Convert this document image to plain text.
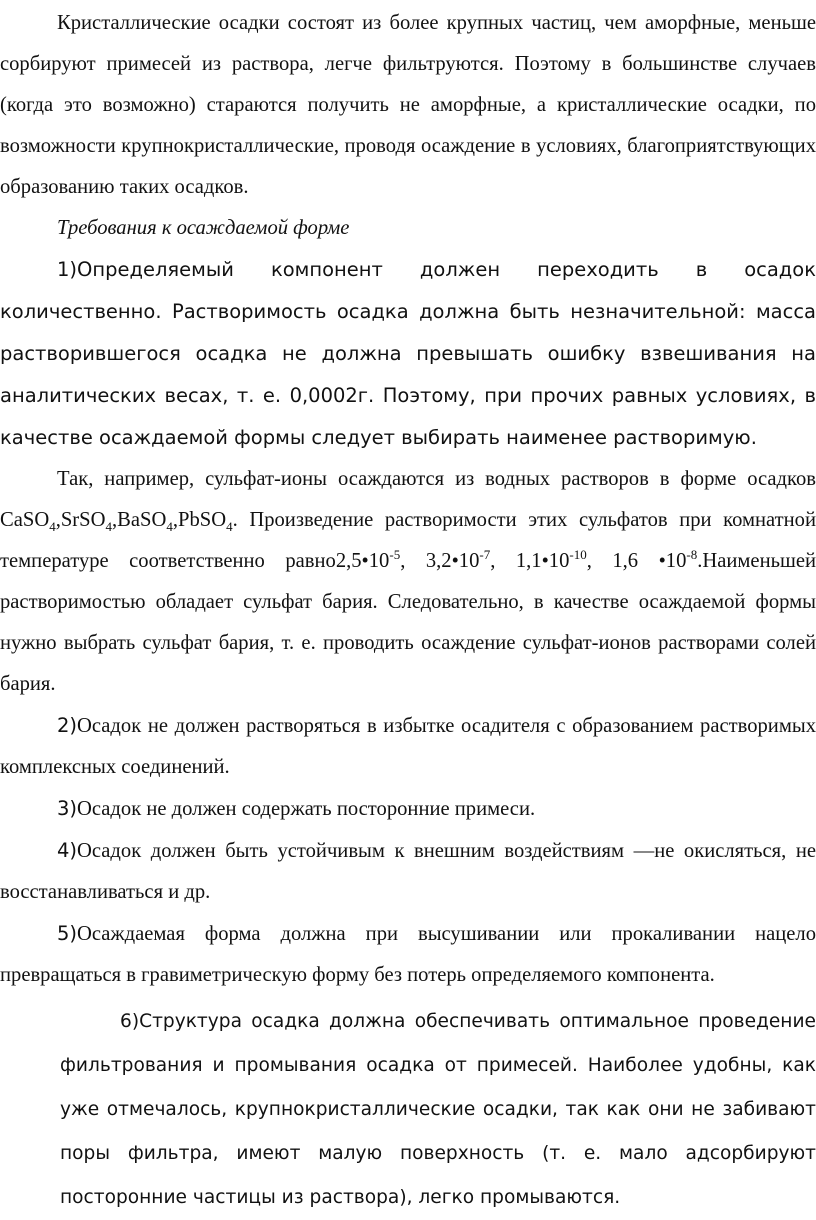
Кристаллические осадки состоят из более крупных частиц, чем аморфные, меньше сорбируют примесей из раствора, легче фильтруются. Поэтому в большинстве случаев (когда это возможно) стараются получить не аморфные, а кристаллические осадки, по возможности крупнокристаллические, проводя осаждение в условиях, благоприятствующих образованию таких осадков.

Требования к осаждаемой форме

1)Определяемый компонент должен переходить в осадок количественно. Растворимость осадка должна быть незначительной: масса растворившегося осадка не должна превышать ошибку взвешивания на аналитических весах, т. е. 0,0002г. Поэтому, при прочих равных условиях, в качестве осаждаемой формы следует выбирать наименее растворимую.

Так, например, сульфат-ионы осаждаются из водных растворов в форме осадков CaSO$_4$,SrSO$_4$,BaSO$_4$,PbSO$_4$. Произведение растворимости этих сульфатов при комнатной температуре соответственно $равно2,5•10^{-5}$, $3,2•10^{-7}$, $1,1•10^{-10}$, 1,6 $•10^{-8}.Наименьшей$ растворимостью обладает сульфат бария. Следовательно, в качестве осаждаемой формы нужно выбрать сульфат бария, т. е. проводить осаждение сульфат-ионов растворами солей бария.

2)Осадок не должен растворяться в избытке осадителя с образованием растворимых комплексных соединений.

3)Осадок не должен содержать посторонние примеси.

4)Осадок должен быть устойчивым к внешним воздействиям —не окисляться, не восстанавливаться и др.

5)Осаждаемая форма должна при высушивании или прокаливании нацело превращаться в гравиметрическую форму без потерь определяемого компонента.

6)Структура осадка должна обеспечивать оптимальное проведение фильтрования и промывания осадка от примесей. Наиболее удобны, как уже отмечалось, крупнокристаллические осадки, так как они не забивают поры фильтра, имеют малую поверхность (т. е. мало адсорбируют посторонние частицы из раствора), легко промываются.
